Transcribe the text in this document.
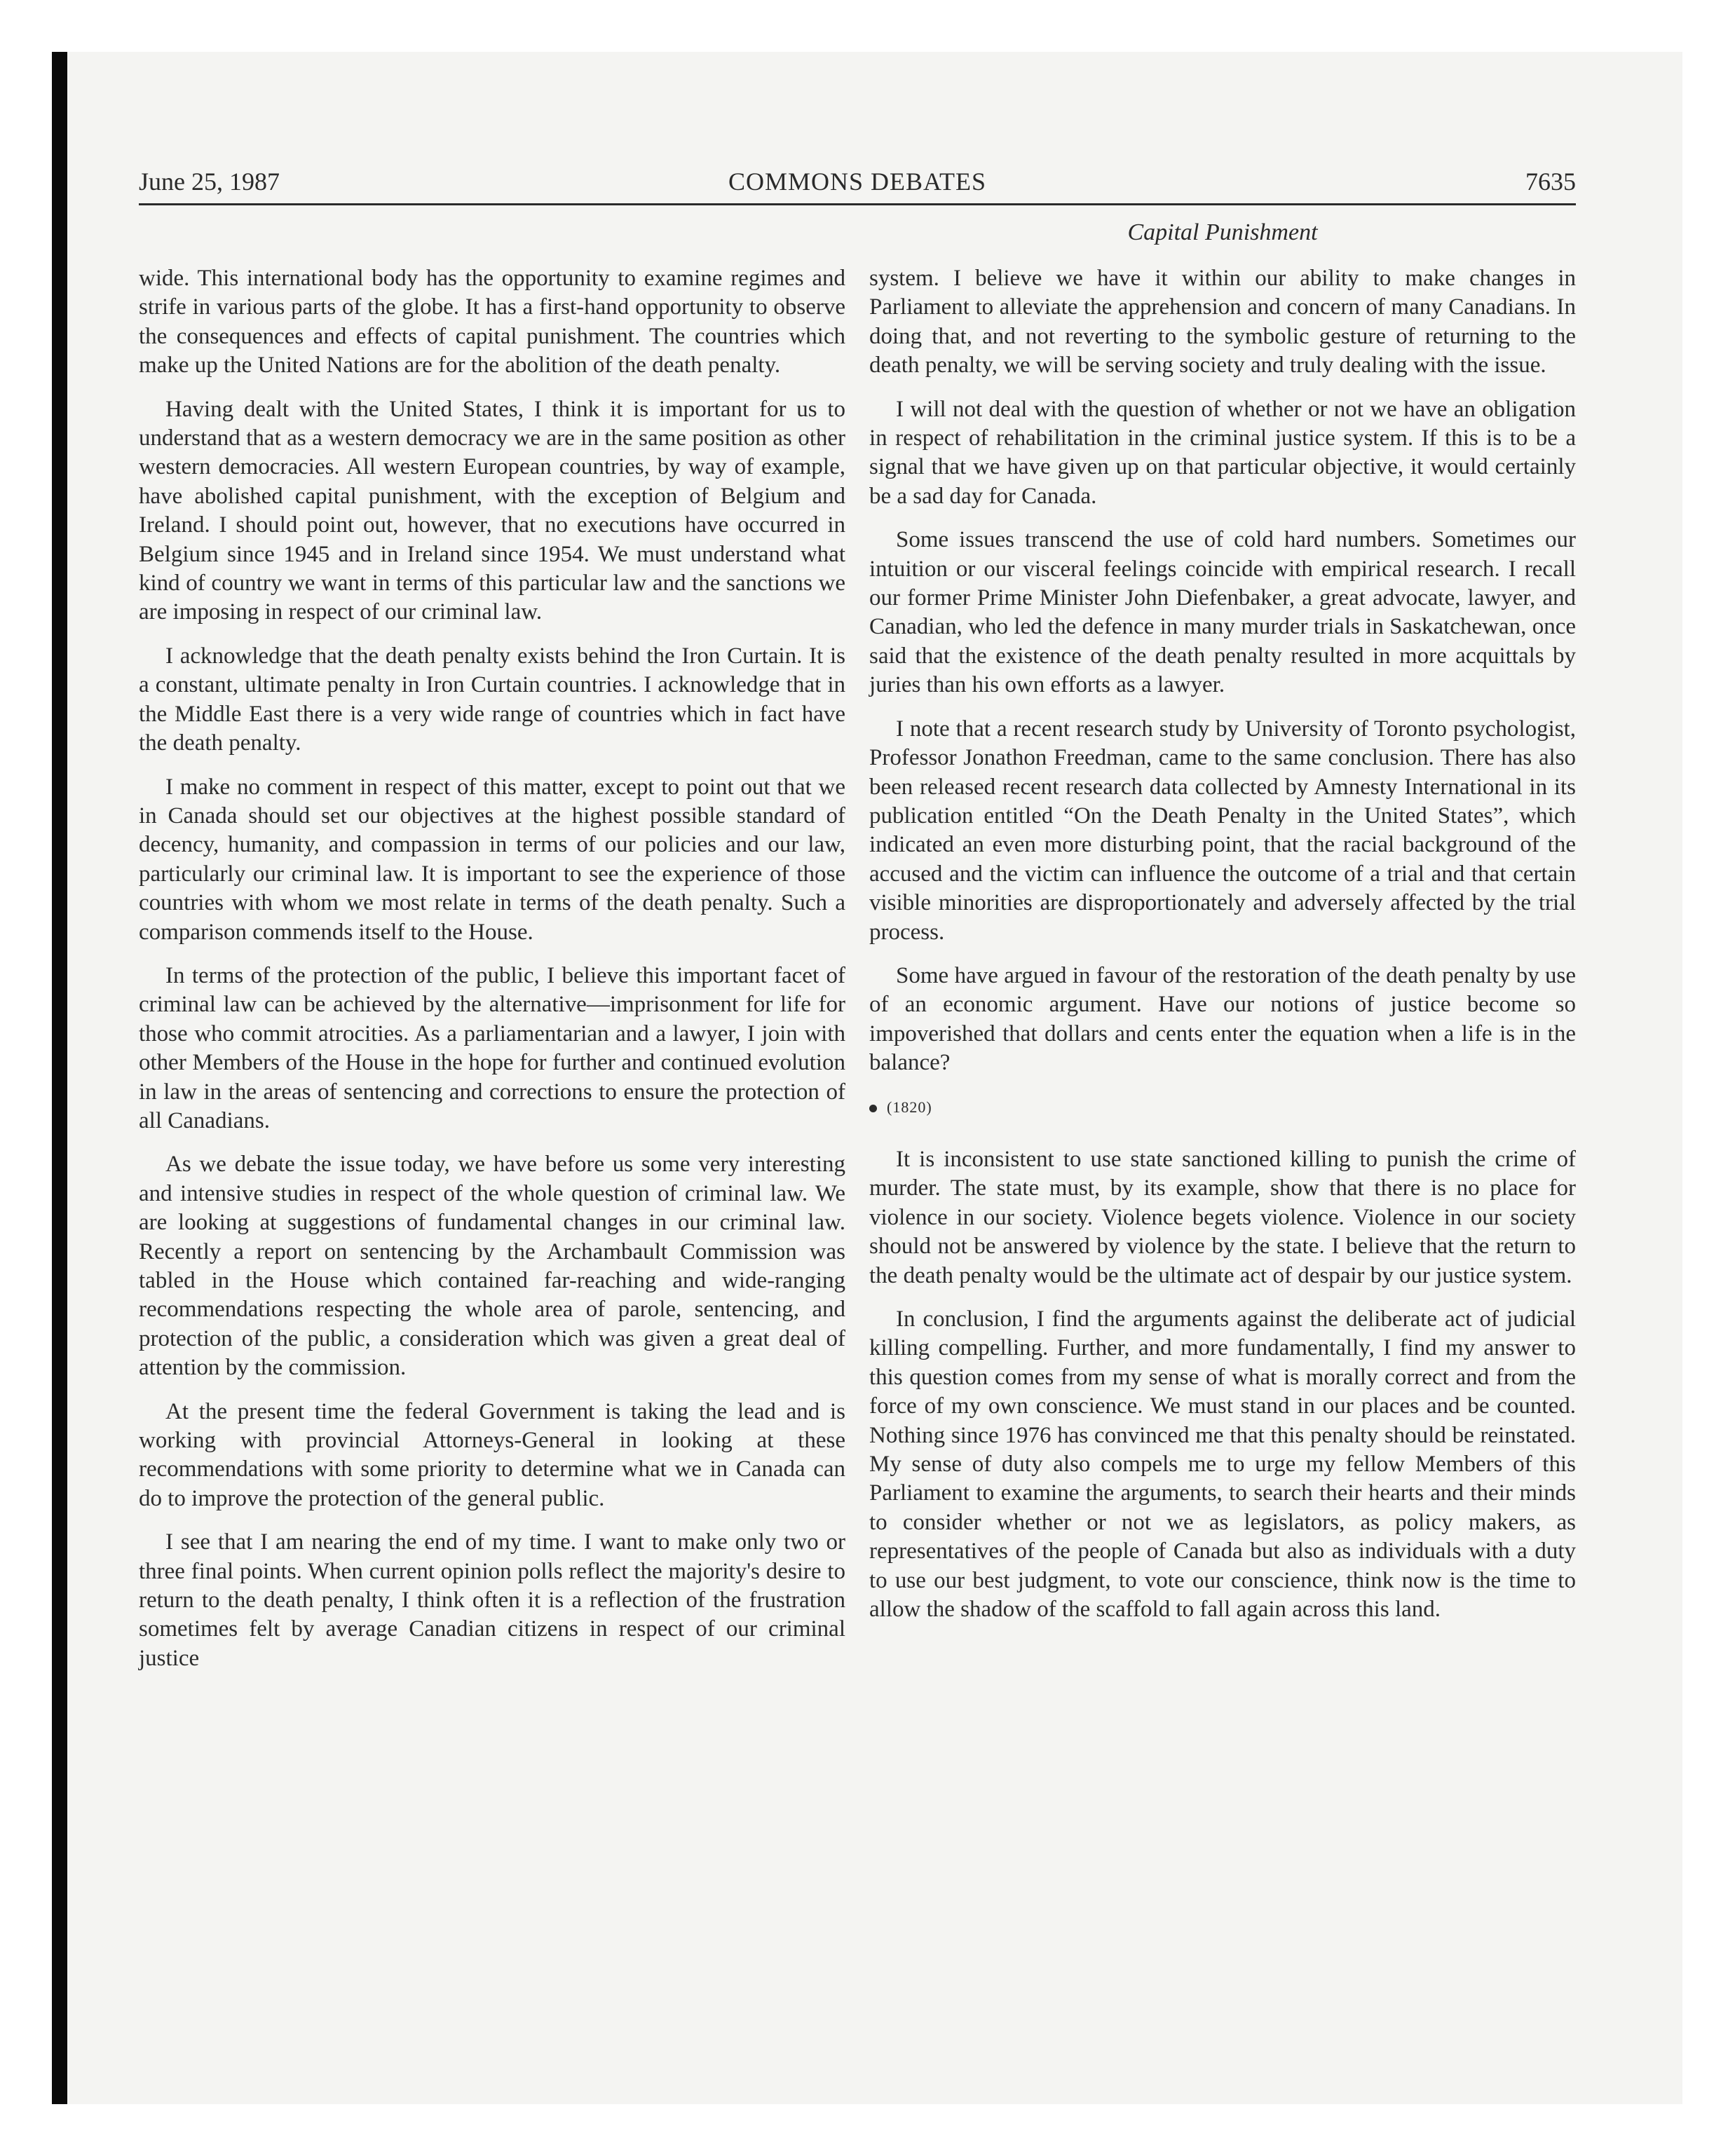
June 25, 1987	COMMONS DEBATES	7635
Capital Punishment

wide. This international body has the opportunity to examine regimes and strife in various parts of the globe. It has a first-hand opportunity to observe the consequences and effects of capital punishment. The countries which make up the United Nations are for the abolition of the death penalty.

Having dealt with the United States, I think it is important for us to understand that as a western democracy we are in the same position as other western democracies. All western European countries, by way of example, have abolished capital punishment, with the exception of Belgium and Ireland. I should point out, however, that no executions have occurred in Belgium since 1945 and in Ireland since 1954. We must understand what kind of country we want in terms of this particular law and the sanctions we are imposing in respect of our criminal law.

I acknowledge that the death penalty exists behind the Iron Curtain. It is a constant, ultimate penalty in Iron Curtain countries. I acknowledge that in the Middle East there is a very wide range of countries which in fact have the death penalty.

I make no comment in respect of this matter, except to point out that we in Canada should set our objectives at the highest possible standard of decency, humanity, and compassion in terms of our policies and our law, particularly our criminal law. It is important to see the experience of those countries with whom we most relate in terms of the death penalty. Such a comparison commends itself to the House.

In terms of the protection of the public, I believe this important facet of criminal law can be achieved by the alternative—imprisonment for life for those who commit atrocities. As a parliamentarian and a lawyer, I join with other Members of the House in the hope for further and continued evolution in law in the areas of sentencing and corrections to ensure the protection of all Canadians.

As we debate the issue today, we have before us some very interesting and intensive studies in respect of the whole question of criminal law. We are looking at suggestions of fundamental changes in our criminal law. Recently a report on sentencing by the Archambault Commission was tabled in the House which contained far-reaching and wide-ranging recommendations respecting the whole area of parole, sentencing, and protection of the public, a consideration which was given a great deal of attention by the commission.

At the present time the federal Government is taking the lead and is working with provincial Attorneys-General in looking at these recommendations with some priority to determine what we in Canada can do to improve the protection of the general public.

I see that I am nearing the end of my time. I want to make only two or three final points. When current opinion polls reflect the majority's desire to return to the death penalty, I think often it is a reflection of the frustration sometimes felt by average Canadian citizens in respect of our criminal justice

system. I believe we have it within our ability to make changes in Parliament to alleviate the apprehension and concern of many Canadians. In doing that, and not reverting to the symbolic gesture of returning to the death penalty, we will be serving society and truly dealing with the issue.

I will not deal with the question of whether or not we have an obligation in respect of rehabilitation in the criminal justice system. If this is to be a signal that we have given up on that particular objective, it would certainly be a sad day for Canada.

Some issues transcend the use of cold hard numbers. Sometimes our intuition or our visceral feelings coincide with empirical research. I recall our former Prime Minister John Diefenbaker, a great advocate, lawyer, and Canadian, who led the defence in many murder trials in Saskatchewan, once said that the existence of the death penalty resulted in more acquittals by juries than his own efforts as a lawyer.

I note that a recent research study by University of Toronto psychologist, Professor Jonathon Freedman, came to the same conclusion. There has also been released recent research data collected by Amnesty International in its publication entitled “On the Death Penalty in the United States”, which indicated an even more disturbing point, that the racial background of the accused and the victim can influence the outcome of a trial and that certain visible minorities are disproportionately and adversely affected by the trial process.

Some have argued in favour of the restoration of the death penalty by use of an economic argument. Have our notions of justice become so impoverished that dollars and cents enter the equation when a life is in the balance?

(1820)

It is inconsistent to use state sanctioned killing to punish the crime of murder. The state must, by its example, show that there is no place for violence in our society. Violence begets violence. Violence in our society should not be answered by violence by the state. I believe that the return to the death penalty would be the ultimate act of despair by our justice system.

In conclusion, I find the arguments against the deliberate act of judicial killing compelling. Further, and more fundamentally, I find my answer to this question comes from my sense of what is morally correct and from the force of my own conscience. We must stand in our places and be counted. Nothing since 1976 has convinced me that this penalty should be reinstated. My sense of duty also compels me to urge my fellow Members of this Parliament to examine the arguments, to search their hearts and their minds to consider whether or not we as legislators, as policy makers, as representatives of the people of Canada but also as individuals with a duty to use our best judgment, to vote our conscience, think now is the time to allow the shadow of the scaffold to fall again across this land.
